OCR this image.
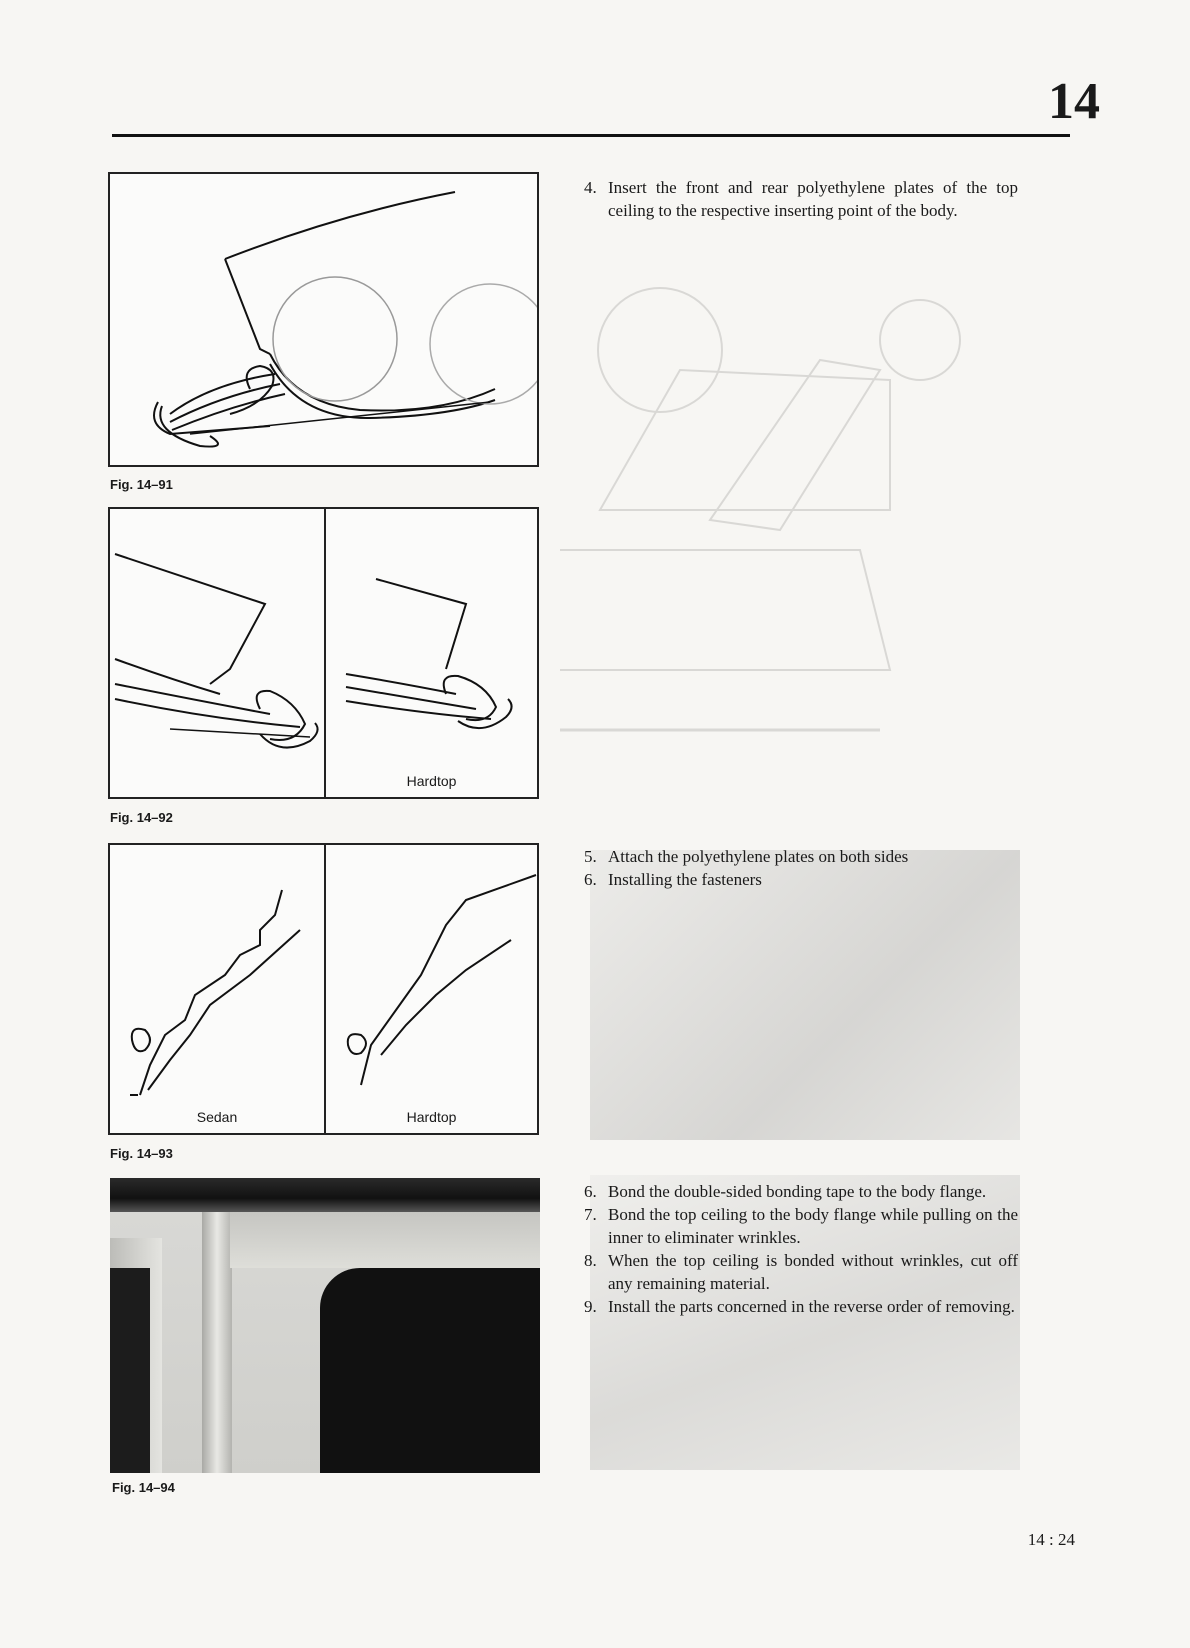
14
Fig. 14–91
Hardtop
Fig. 14–92
Sedan	Hardtop
Fig. 14–93
Fig. 14–94
4. Insert the front and rear polyethylene plates of the top ceiling to the respective inserting point of the body.
5. Attach the polyethylene plates on both sides
6. Installing the fasteners
6. Bond the double-sided bonding tape to the body flange.
7. Bond the top ceiling to the body flange while pulling on the inner to eliminater wrinkles.
8. When the top ceiling is bonded without wrinkles, cut off any remaining material.
9. Install the parts concerned in the reverse order of removing.
14 : 24
